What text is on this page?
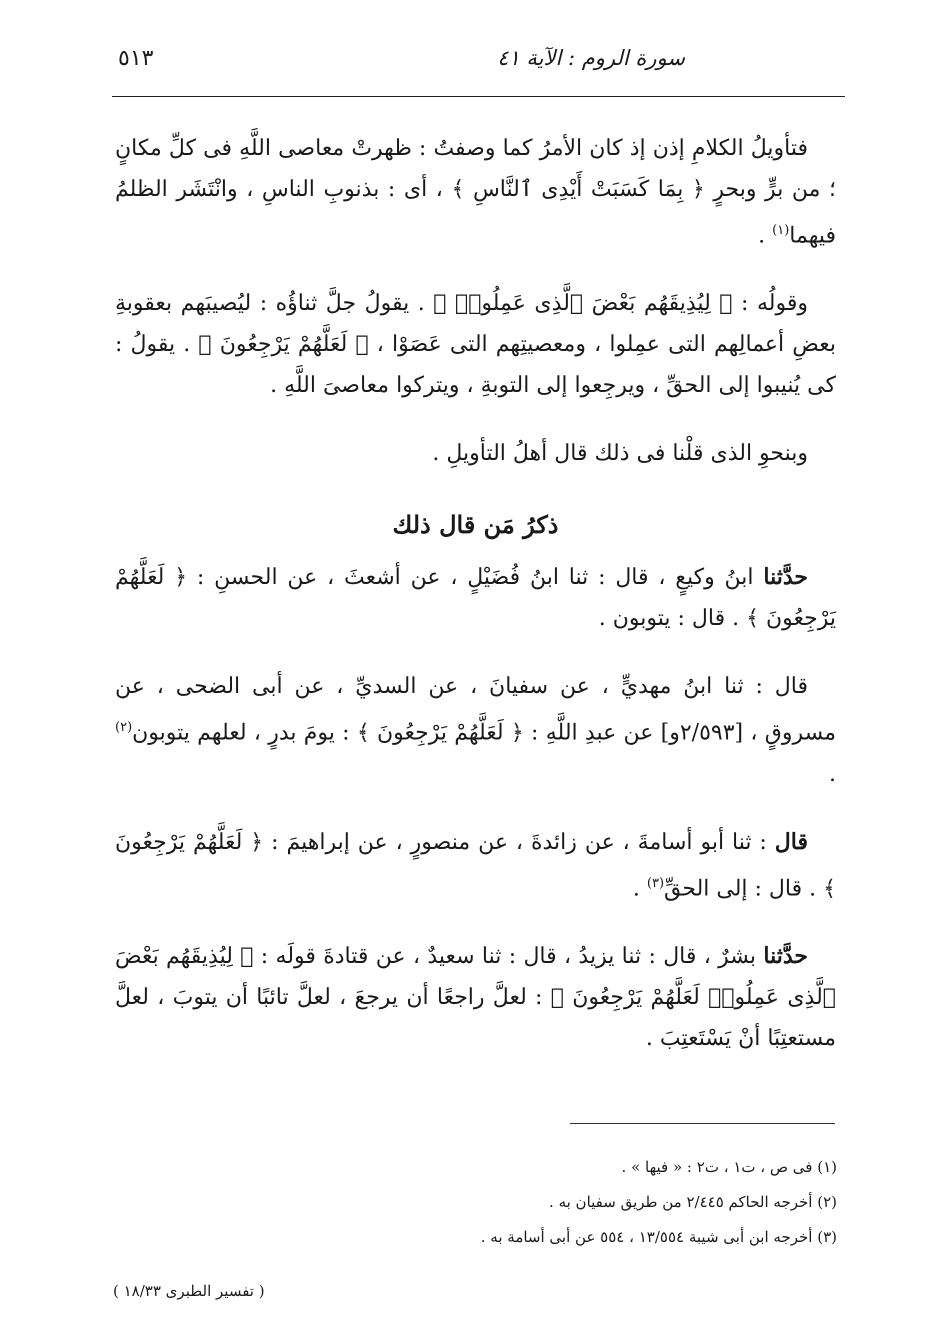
٥١٣	سورة الروم : الآية ٤١

فتأويلُ الكلامِ إذن إذ كان الأمرُ كما وصفتُ : ظهرتْ معاصى اللَّهِ فى كلِّ مكانٍ ؛ من برٍّ وبحرٍ ﴿ بِمَا كَسَبَتْ أَيْدِى ٱلنَّاسِ ﴾ ، أى : بذنوبِ الناسِ ، وانْتَشَر الظلمُ فيهما$^{(١)}$ .

وقولُه : ﴿ لِيُذِيقَهُم بَعْضَ ٱلَّذِى عَمِلُوا۟ ﴾ . يقولُ جلَّ ثناؤُه : ليُصيبَهم بعقوبةِ بعضِ أعمالِهم التى عمِلوا ، ومعصيتِهم التى عَصَوْا ، ﴿ لَعَلَّهُمْ يَرْجِعُونَ ﴾ . يقولُ : كى يُنيبوا إلى الحقِّ ، ويرجِعوا إلى التوبةِ ، ويتركوا معاصىَ اللَّهِ .

وبنحوِ الذى قلْنا فى ذلك قال أهلُ التأويلِ .

ذكرُ مَن قال ذلك

حدَّثنا ابنُ وكيعٍ ، قال : ثنا ابنُ فُضَيْلٍ ، عن أشعثَ ، عن الحسنِ : ﴿ لَعَلَّهُمْ يَرْجِعُونَ ﴾ . قال : يتوبون .

قال : ثنا ابنُ مهديٍّ ، عن سفيانَ ، عن السديِّ ، عن أبى الضحى ، عن مسروقٍ ، [٢/٥٩٣و] عن عبدِ اللَّهِ : ﴿ لَعَلَّهُمْ يَرْجِعُونَ ﴾ : يومَ بدرٍ ، لعلهم يتوبون$^{(٢)}$ .

قال : ثنا أبو أسامةَ ، عن زائدةَ ، عن منصورٍ ، عن إبراهيمَ : ﴿ لَعَلَّهُمْ يَرْجِعُونَ ﴾ . قال : إلى الحقِّ$^{(٣)}$ .

حدَّثنا بشرٌ ، قال : ثنا يزيدُ ، قال : ثنا سعيدٌ ، عن قتادةَ قولَه : ﴿ لِيُذِيقَهُم بَعْضَ ٱلَّذِى عَمِلُوا۟ لَعَلَّهُمْ يَرْجِعُونَ ﴾ : لعلَّ راجعًا أن يرجعَ ، لعلَّ تائبًا أن يتوبَ ، لعلَّ مستعتِبًا أنْ يَسْتَعتِبَ .

(١) فى ص ، ت١ ، ت٢ : « فيها » .

(٢) أخرجه الحاكم ٢/٤٤٥ من طريق سفيان به .

(٣) أخرجه ابن أبى شيبة ١٣/٥٥٤ ، ٥٥٤ عن أبى أسامة به .

( تفسير الطبرى ١٨/٣٣ )
